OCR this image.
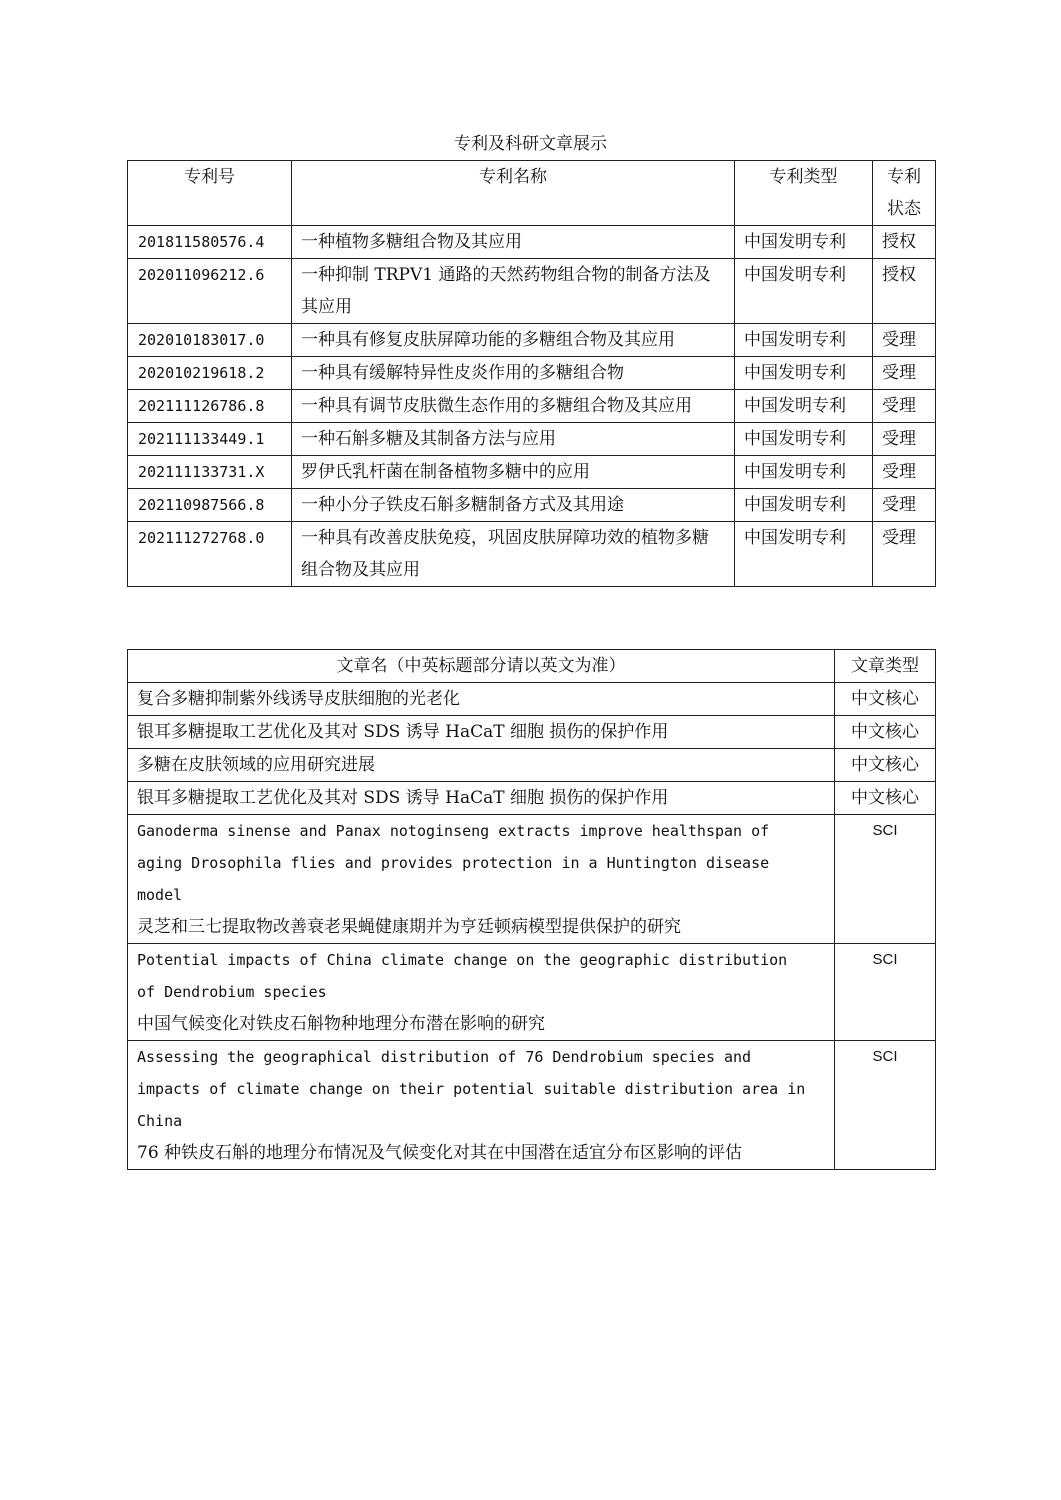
专利及科研文章展示
专利号	专利名称	专利类型	专利状态
201811580576.4	一种植物多糖组合物及其应用	中国发明专利	授权
202011096212.6	一种抑制 TRPV1 通路的天然药物组合物的制备方法及其应用	中国发明专利	授权
202010183017.0	一种具有修复皮肤屏障功能的多糖组合物及其应用	中国发明专利	受理
202010219618.2	一种具有缓解特异性皮炎作用的多糖组合物	中国发明专利	受理
202111126786.8	一种具有调节皮肤微生态作用的多糖组合物及其应用	中国发明专利	受理
202111133449.1	一种石斛多糖及其制备方法与应用	中国发明专利	受理
202111133731.X	罗伊氏乳杆菌在制备植物多糖中的应用	中国发明专利	受理
202110987566.8	一种小分子铁皮石斛多糖制备方式及其用途	中国发明专利	受理
202111272768.0	一种具有改善皮肤免疫，巩固皮肤屏障功效的植物多糖组合物及其应用	中国发明专利	受理
文章名（中英标题部分请以英文为准）	文章类型
复合多糖抑制紫外线诱导皮肤细胞的光老化	中文核心
银耳多糖提取工艺优化及其对 SDS 诱导 HaCaT 细胞 损伤的保护作用	中文核心
多糖在皮肤领域的应用研究进展	中文核心
银耳多糖提取工艺优化及其对 SDS 诱导 HaCaT 细胞 损伤的保护作用	中文核心

Ganoderma sinense and Panax notoginseng extracts improve healthspan of
aging Drosophila flies and provides protection in a Huntington disease
model
灵芝和三七提取物改善衰老果蝇健康期并为亨廷顿病模型提供保护的研究	SCI

Potential impacts of China climate change on the geographic distribution
of Dendrobium species
中国气候变化对铁皮石斛物种地理分布潜在影响的研究	SCI

Assessing the geographical distribution of 76 Dendrobium species and
impacts of climate change on their potential suitable distribution area in
China
76 种铁皮石斛的地理分布情况及气候变化对其在中国潜在适宜分布区影响的评估	SCI
